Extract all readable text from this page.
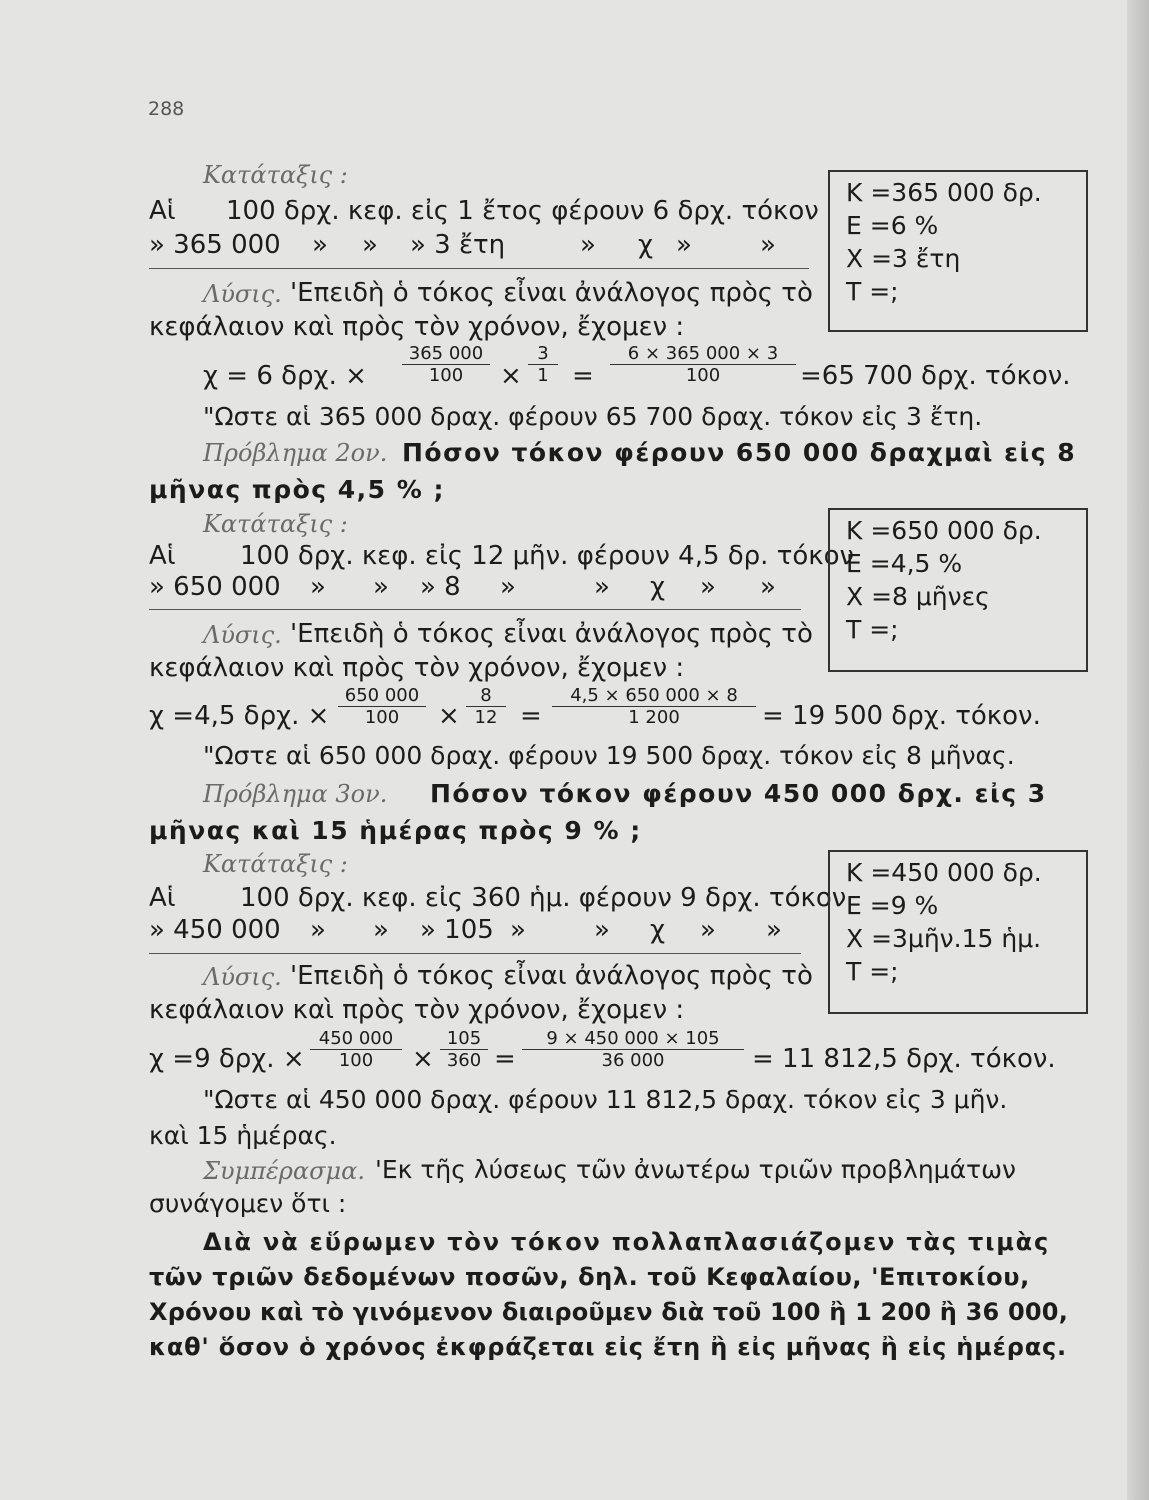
288
Κατάταξις :
Αἱ 100 δρχ. κεφ. εἰς 1 ἔτος φέρουν 6 δρχ. τόκον
» 365 000 » » » 3 ἔτη	» χ »	»
Κ =365 000 δρ.
Ε =6 %
Χ =3 ἔτη
Τ =;
Λύσις. 'Επειδὴ ὁ τόκος εἶναι ἀνάλογος πρὸς τὸ
κεφάλαιον καὶ πρὸς τὸν χρόνον, ἔχομεν :
χ = 6 δρχ. × $\frac{365 000}{100} \times \frac{3}{1} = \frac{6 \times 365 000 \times 3}{100} =65$ 700 δρχ. τόκον.
"Ωστε αἱ 365 000 δραχ. φέρουν 65 700 δραχ. τόκον εἰς 3 ἔτη.
Πρόβλημα 2ον. Πόσον τόκον φέρουν 650 000 δραχμαὶ εἰς 8
μῆνας πρὸς 4,5 % ;
Κατάταξις :
Αἱ 100 δρχ. κεφ. εἰς 12 μῆν. φέρουν 4,5 δρ. τόκον
» 650 000 » » » 8 »	» χ » »
Κ =650 000 δρ.
Ε =4,5 %
Χ =8 μῆνες
Τ =;
Λύσις. 'Επειδὴ ὁ τόκος εἶναι ἀνάλογος πρὸς τὸ
κεφάλαιον καὶ πρὸς τὸν χρόνον, ἔχομεν :
χ =4,5 δρχ. × $\frac{650 000}{100} \times \frac{8}{12} = \frac{4,5 \times 650 000 \times 8}{1 200} = 19$ 500 δρχ. τόκον.
"Ωστε αἱ 650 000 δραχ. φέρουν 19 500 δραχ. τόκον εἰς 8 μῆνας.
Πρόβλημα 3ον. Πόσον τόκον φέρουν 450 000 δρχ. εἰς 3
μῆνας καὶ 15 ἡμέρας πρὸς 9 % ;
Κατάταξις :
Αἱ 100 δρχ. κεφ. εἰς 360 ἡμ. φέρουν 9 δρχ. τόκον
» 450 000 » » » 105 »	» χ » »
Κ =450 000 δρ.
Ε =9 %
Χ =3μῆν.15 ἡμ.
Τ =;
Λύσις. 'Επειδὴ ὁ τόκος εἶναι ἀνάλογος πρὸς τὸ
κεφάλαιον καὶ πρὸς τὸν χρόνον, ἔχομεν :
χ =9 δρχ. × $\frac{450 000}{100} \times \frac{105}{360} = \frac{9 \times 450 000 \times 105}{36 000} = 11$ 812,5 δρχ. τόκον.
"Ωστε αἱ 450 000 δραχ. φέρουν 11 812,5 δραχ. τόκον εἰς 3 μῆν.
καὶ 15 ἡμέρας.
Συμπέρασμα. 'Εκ τῆς λύσεως τῶν ἀνωτέρω τριῶν προβλημάτων
συνάγομεν ὅτι :
Διὰ νὰ εὕρωμεν τὸν τόκον πολλαπλασιάζομεν τὰς τιμὰς
τῶν τριῶν δεδομένων ποσῶν, δηλ. τοῦ Κεφαλαίου, 'Επιτοκίου,
Χρόνου καὶ τὸ γινόμενον διαιροῦμεν διὰ τοῦ 100 ἢ 1 200 ἢ 36 000,
καθ' ὅσον ὁ χρόνος ἐκφράζεται εἰς ἔτη ἢ εἰς μῆνας ἢ εἰς ἡμέρας.
